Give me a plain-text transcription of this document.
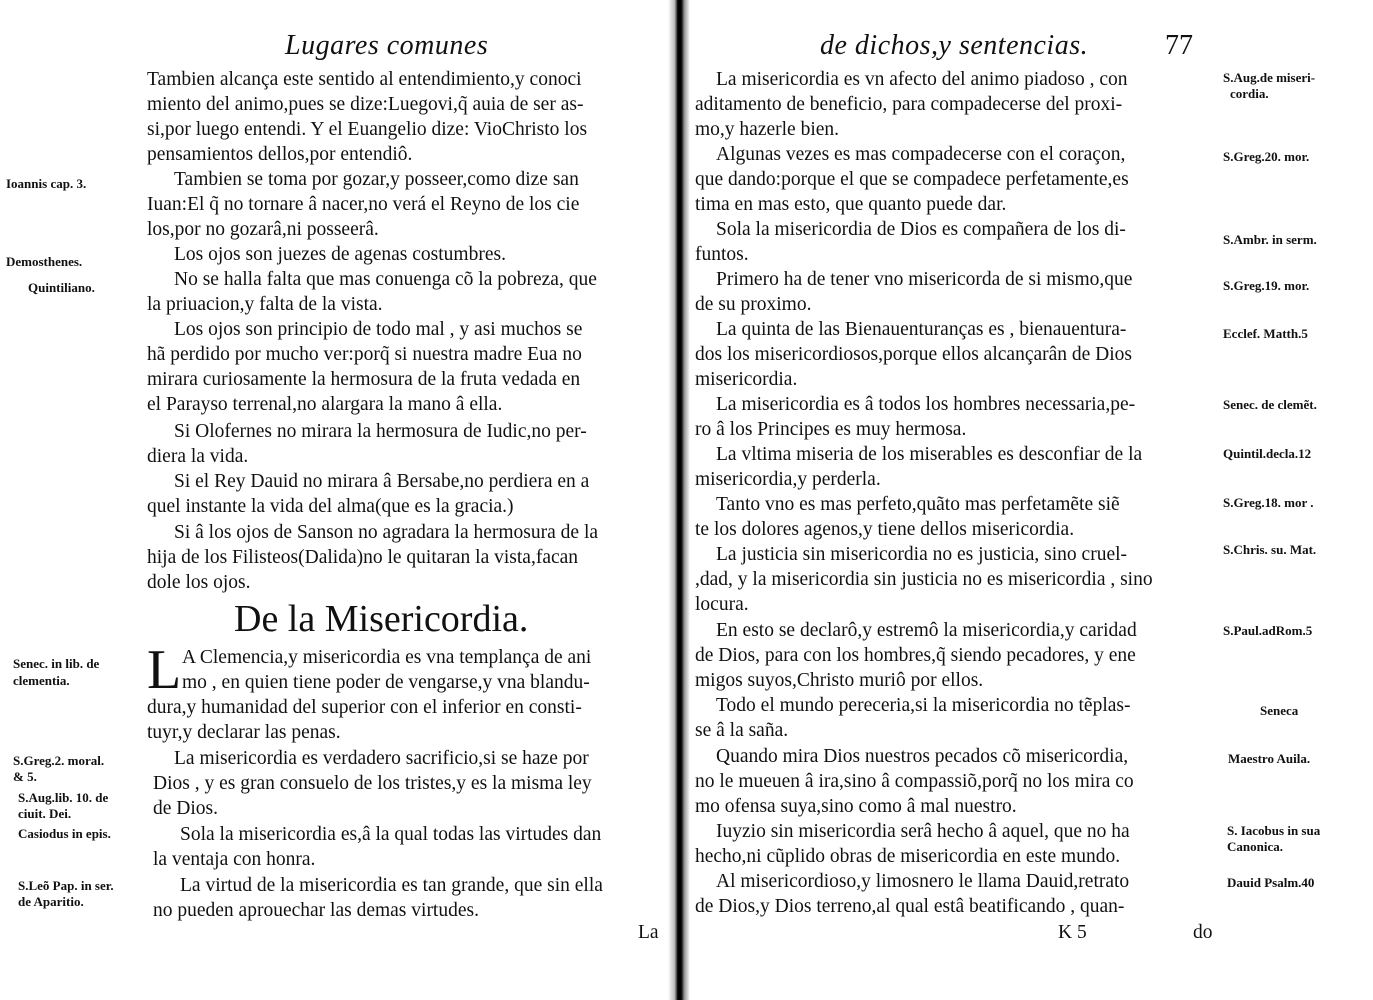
Lugares comunes
Tambien alcança este sentido al entendimiento,y conoci
miento del animo,pues se dize:Luegovi,q̃ auia de ser as-
si,por luego entendi. Y el Euangelio dize: VioChristo los
pensamientos dellos,por entendiô.
Tambien se toma por gozar,y posseer,como dize san
Iuan:El q̃ no tornare â nacer,no verá el Reyno de los cie
los,por no gozarâ,ni posseerâ.
Los ojos son juezes de agenas costumbres.
No se halla falta que mas conuenga cõ la pobreza, que
la priuacion,y falta de la vista.
Los ojos son principio de todo mal , y asi muchos se
hã perdido por mucho ver:porq̃ si nuestra madre Eua no
mirara curiosamente la hermosura de la fruta vedada en
el Parayso terrenal,no alargara la mano â ella.
Si Olofernes no mirara la hermosura de Iudic,no per-
diera la vida.
Si el Rey Dauid no mirara â Bersabe,no perdiera en a
quel instante la vida del alma(que es la gracia.)
Si â los ojos de Sanson no agradara la hermosura de la
hija de los Filisteos(Dalida)no le quitaran la vista,facan
dole los ojos.
De la Misericordia.
L A Clemencia,y misericordia es vna templança de ani
mo , en quien tiene poder de vengarse,y vna blandu-
dura,y humanidad del superior con el inferior en consti-
tuyr,y declarar las penas.
La misericordia es verdadero sacrificio,si se haze por
Dios , y es gran consuelo de los tristes,y es la misma ley
de Dios.
Sola la misericordia es,â la qual todas las virtudes dan
la ventaja con honra.
La virtud de la misericordia es tan grande, que sin ella
no pueden aprouechar las demas virtudes.
Ioannis cap. 3.
Demosthenes.
Quintiliano.
Senec. in lib. de
clementia.
S.Greg.2. moral.
& 5.
S.Aug.lib. 10. de
ciuit. Dei.
Casiodus in epis.
S.Leõ Pap. in ser.
de Aparitio.
La
de dichos,y sentencias.	77
La misericordia es vn afecto del animo piadoso , con
aditamento de beneficio, para compadecerse del proxi-
mo,y hazerle bien.
Algunas vezes es mas compadecerse con el coraçon,
que dando:porque el que se compadece perfetamente,es
tima en mas esto, que quanto puede dar.
Sola la misericordia de Dios es compañera de los di-
funtos.
Primero ha de tener vno misericorda de si mismo,que
de su proximo.
La quinta de las Bienauenturanças es , bienauentura-
dos los misericordiosos,porque ellos alcançarân de Dios
misericordia.
La misericordia es â todos los hombres necessaria,pe-
ro â los Principes es muy hermosa.
La vltima miseria de los miserables es desconfiar de la
misericordia,y perderla.
Tanto vno es mas perfeto,quãto mas perfetamẽte siẽ
te los dolores agenos,y tiene dellos misericordia.
La justicia sin misericordia no es justicia, sino cruel-
,dad, y la misericordia sin justicia no es misericordia , sino
locura.
En esto se declarô,y estremô la misericordia,y caridad
de Dios, para con los hombres,q̃ siendo pecadores, y ene
migos suyos,Christo muriô por ellos.
Todo el mundo pereceria,si la misericordia no tẽplas-
se â la saña.
Quando mira Dios nuestros pecados cõ misericordia,
no le mueuen â ira,sino â compassiõ,porq̃ no los mira co
mo ofensa suya,sino como â mal nuestro.
Iuyzio sin misericordia serâ hecho â aquel, que no ha
hecho,ni cũplido obras de misericordia en este mundo.
Al misericordioso,y limosnero le llama Dauid,retrato
de Dios,y Dios terreno,al qual estâ beatificando , quan-
S.Aug.de miseri-
cordia.
S.Greg.20. mor.
S.Ambr. in serm.
S.Greg.19. mor.
Ecclef. Matth.5
Senec. de clemẽt.
Quintil.decla.12
S.Greg.18. mor .
S.Chris. su. Mat.
S.Paul.adRom.5
Seneca
Maestro Auila.
S. Iacobus in sua
Canonica.
Dauid Psalm.40
K 5	do
